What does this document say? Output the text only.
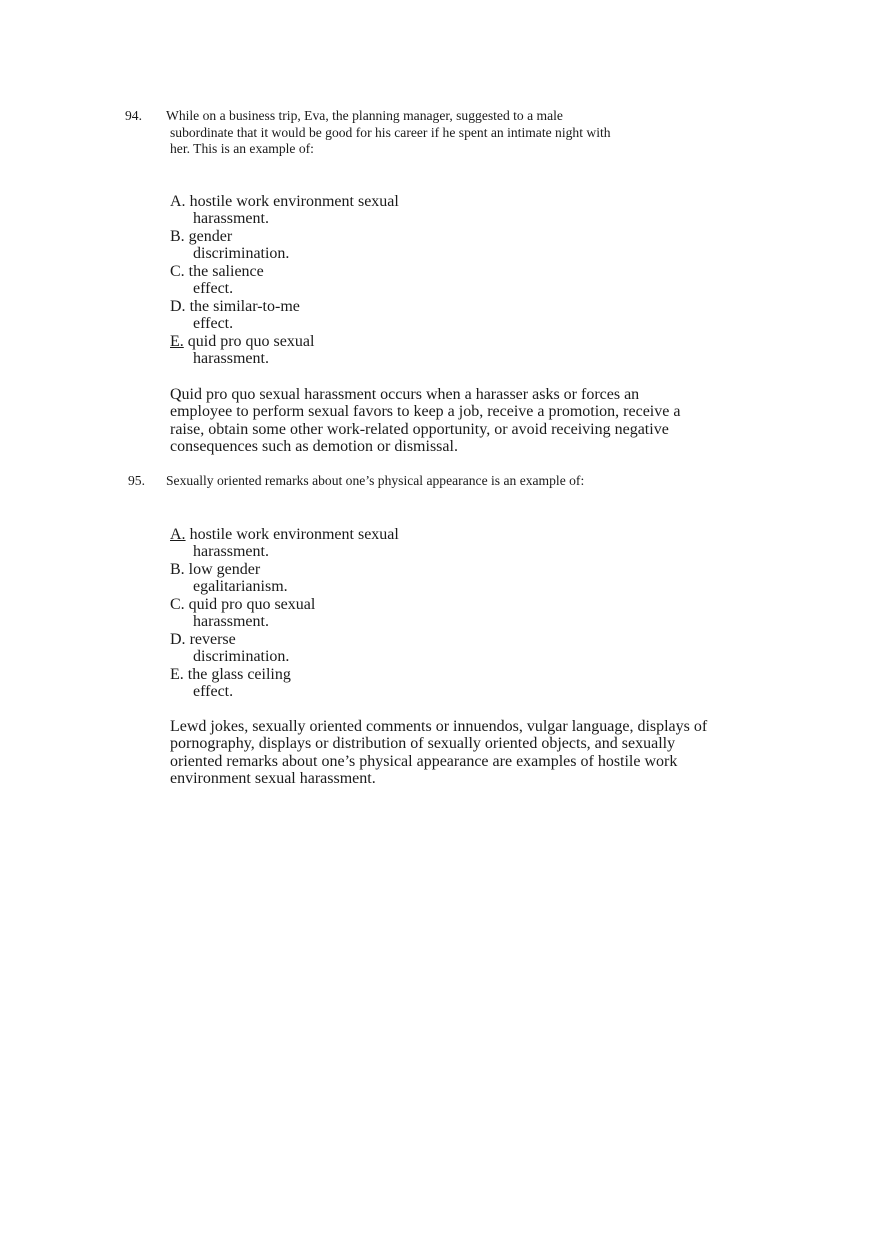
94. While on a business trip, Eva, the planning manager, suggested to a male
subordinate that it would be good for his career if he spent an intimate night with
her. This is an example of:
A. hostile work environment sexual
harassment.
B. gender
discrimination.
C. the salience
effect.
D. the similar-to-me
effect.
E. quid pro quo sexual
harassment.
Quid pro quo sexual harassment occurs when a harasser asks or forces an
employee to perform sexual favors to keep a job, receive a promotion, receive a
raise, obtain some other work-related opportunity, or avoid receiving negative
consequences such as demotion or dismissal.
95. Sexually oriented remarks about one’s physical appearance is an example of:
A. hostile work environment sexual
harassment.
B. low gender
egalitarianism.
C. quid pro quo sexual
harassment.
D. reverse
discrimination.
E. the glass ceiling
effect.
Lewd jokes, sexually oriented comments or innuendos, vulgar language, displays of
pornography, displays or distribution of sexually oriented objects, and sexually
oriented remarks about one’s physical appearance are examples of hostile work
environment sexual harassment.
